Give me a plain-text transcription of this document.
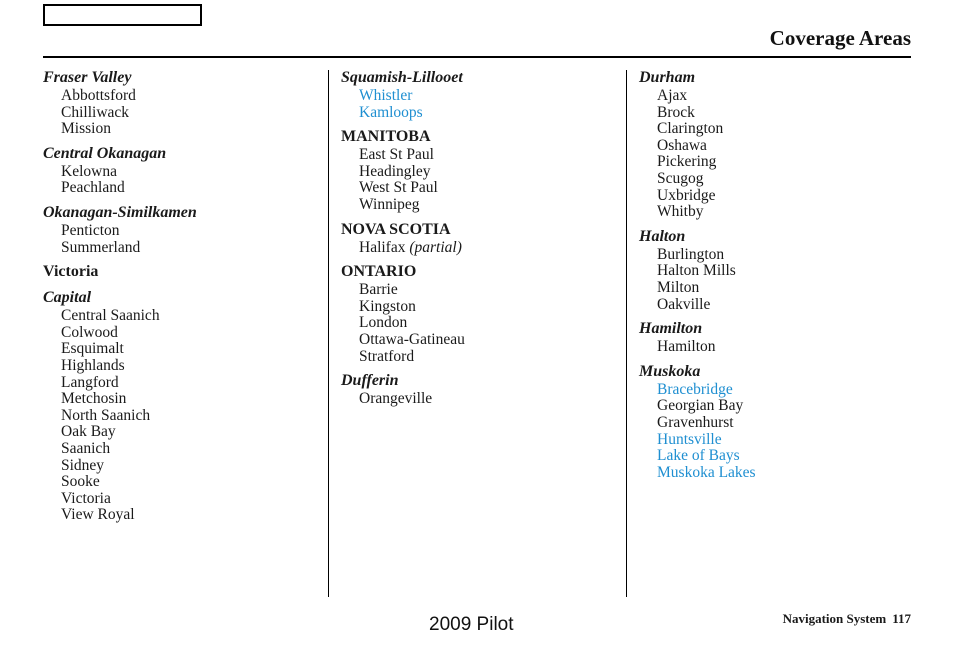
Coverage Areas
Fraser Valley
Abbottsford
Chilliwack
Mission
Central Okanagan
Kelowna
Peachland
Okanagan-Similkamen
Penticton
Summerland
Victoria
Capital
Central Saanich
Colwood
Esquimalt
Highlands
Langford
Metchosin
North Saanich
Oak Bay
Saanich
Sidney
Sooke
Victoria
View Royal
Squamish-Lillooet
Whistler
Kamloops
MANITOBA
East St Paul
Headingley
West St Paul
Winnipeg
NOVA SCOTIA
Halifax (partial)
ONTARIO
Barrie
Kingston
London
Ottawa-Gatineau
Stratford
Dufferin
Orangeville
Durham
Ajax
Brock
Clarington
Oshawa
Pickering
Scugog
Uxbridge
Whitby
Halton
Burlington
Halton Mills
Milton
Oakville
Hamilton
Hamilton
Muskoka
Bracebridge
Georgian Bay
Gravenhurst
Huntsville
Lake of Bays
Muskoka Lakes
Navigation System 117
2009 Pilot
